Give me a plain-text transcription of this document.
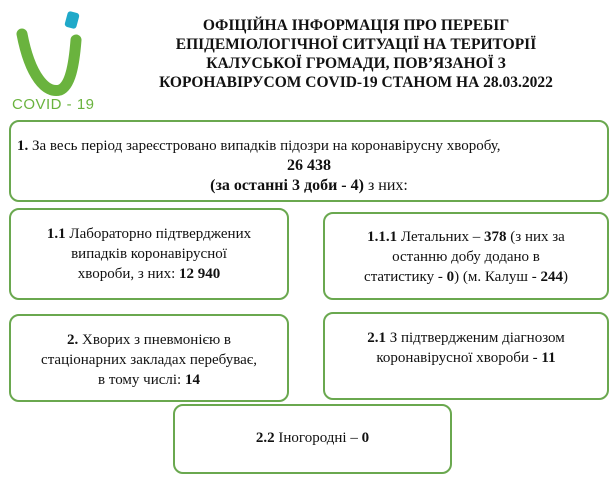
COVID - 19
ОФІЦІЙНА ІНФОРМАЦІЯ ПРО ПЕРЕБІГ
ЕПІДЕМІОЛОГІЧНОЇ СИТУАЦІЇ НА ТЕРИТОРІЇ
КАЛУСЬКОЇ ГРОМАДИ, ПОВ’ЯЗАНОЇ З
КОРОНАВІРУСОМ COVID-19 СТАНОМ НА 28.03.2022
1. За весь період зареєстровано випадків підозри на коронавірусну хворобу,
26 438
(за останні 3 доби - 4) з них:
1.1 Лабораторно підтверджених
випадків коронавірусної
хвороби, з них: 12 940
1.1.1 Летальних – 378 (з них за
останню добу додано в
статистику - 0) (м. Калуш - 244)
2. Хворих з пневмонією в
стаціонарних закладах перебуває,
в тому числі: 14
2.1 З підтвердженим діагнозом
коронавірусної хвороби - 11
2.2 Іногородні – 0
